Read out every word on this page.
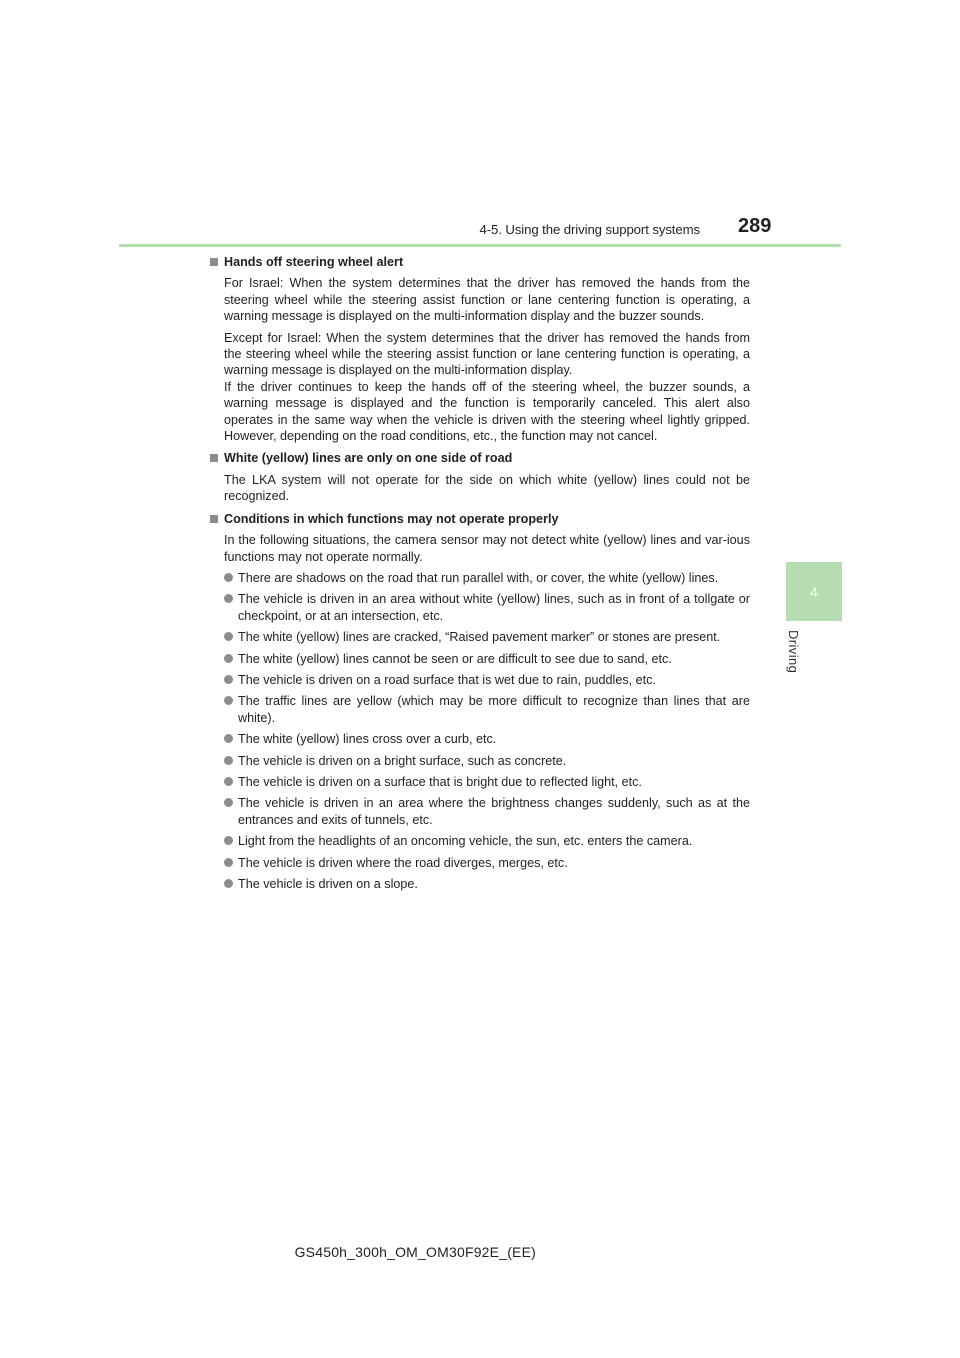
4-5. Using the driving support systems 289
4
Driving
Hands off steering wheel alert

For Israel: When the system determines that the driver has removed the hands from the steering wheel while the steering assist function or lane centering function is operating, a warning message is displayed on the multi-information display and the buzzer sounds.

Except for Israel: When the system determines that the driver has removed the hands from the steering wheel while the steering assist function or lane centering function is operating, a warning message is displayed on the multi-information display.

If the driver continues to keep the hands off of the steering wheel, the buzzer sounds, a warning message is displayed and the function is temporarily canceled. This alert also operates in the same way when the vehicle is driven with the steering wheel lightly gripped. However, depending on the road conditions, etc., the function may not cancel.

White (yellow) lines are only on one side of road

The LKA system will not operate for the side on which white (yellow) lines could not be recognized.

Conditions in which functions may not operate properly

In the following situations, the camera sensor may not detect white (yellow) lines and var-ious functions may not operate normally.

There are shadows on the road that run parallel with, or cover, the white (yellow) lines.
The vehicle is driven in an area without white (yellow) lines, such as in front of a tollgate or checkpoint, or at an intersection, etc.
The white (yellow) lines are cracked, “Raised pavement marker” or stones are present.
The white (yellow) lines cannot be seen or are difficult to see due to sand, etc.
The vehicle is driven on a road surface that is wet due to rain, puddles, etc.
The traffic lines are yellow (which may be more difficult to recognize than lines that are white).
The white (yellow) lines cross over a curb, etc.
The vehicle is driven on a bright surface, such as concrete.
The vehicle is driven on a surface that is bright due to reflected light, etc.
The vehicle is driven in an area where the brightness changes suddenly, such as at the entrances and exits of tunnels, etc.
Light from the headlights of an oncoming vehicle, the sun, etc. enters the camera.
The vehicle is driven where the road diverges, merges, etc.
The vehicle is driven on a slope.
GS450h_300h_OM_OM30F92E_(EE)
